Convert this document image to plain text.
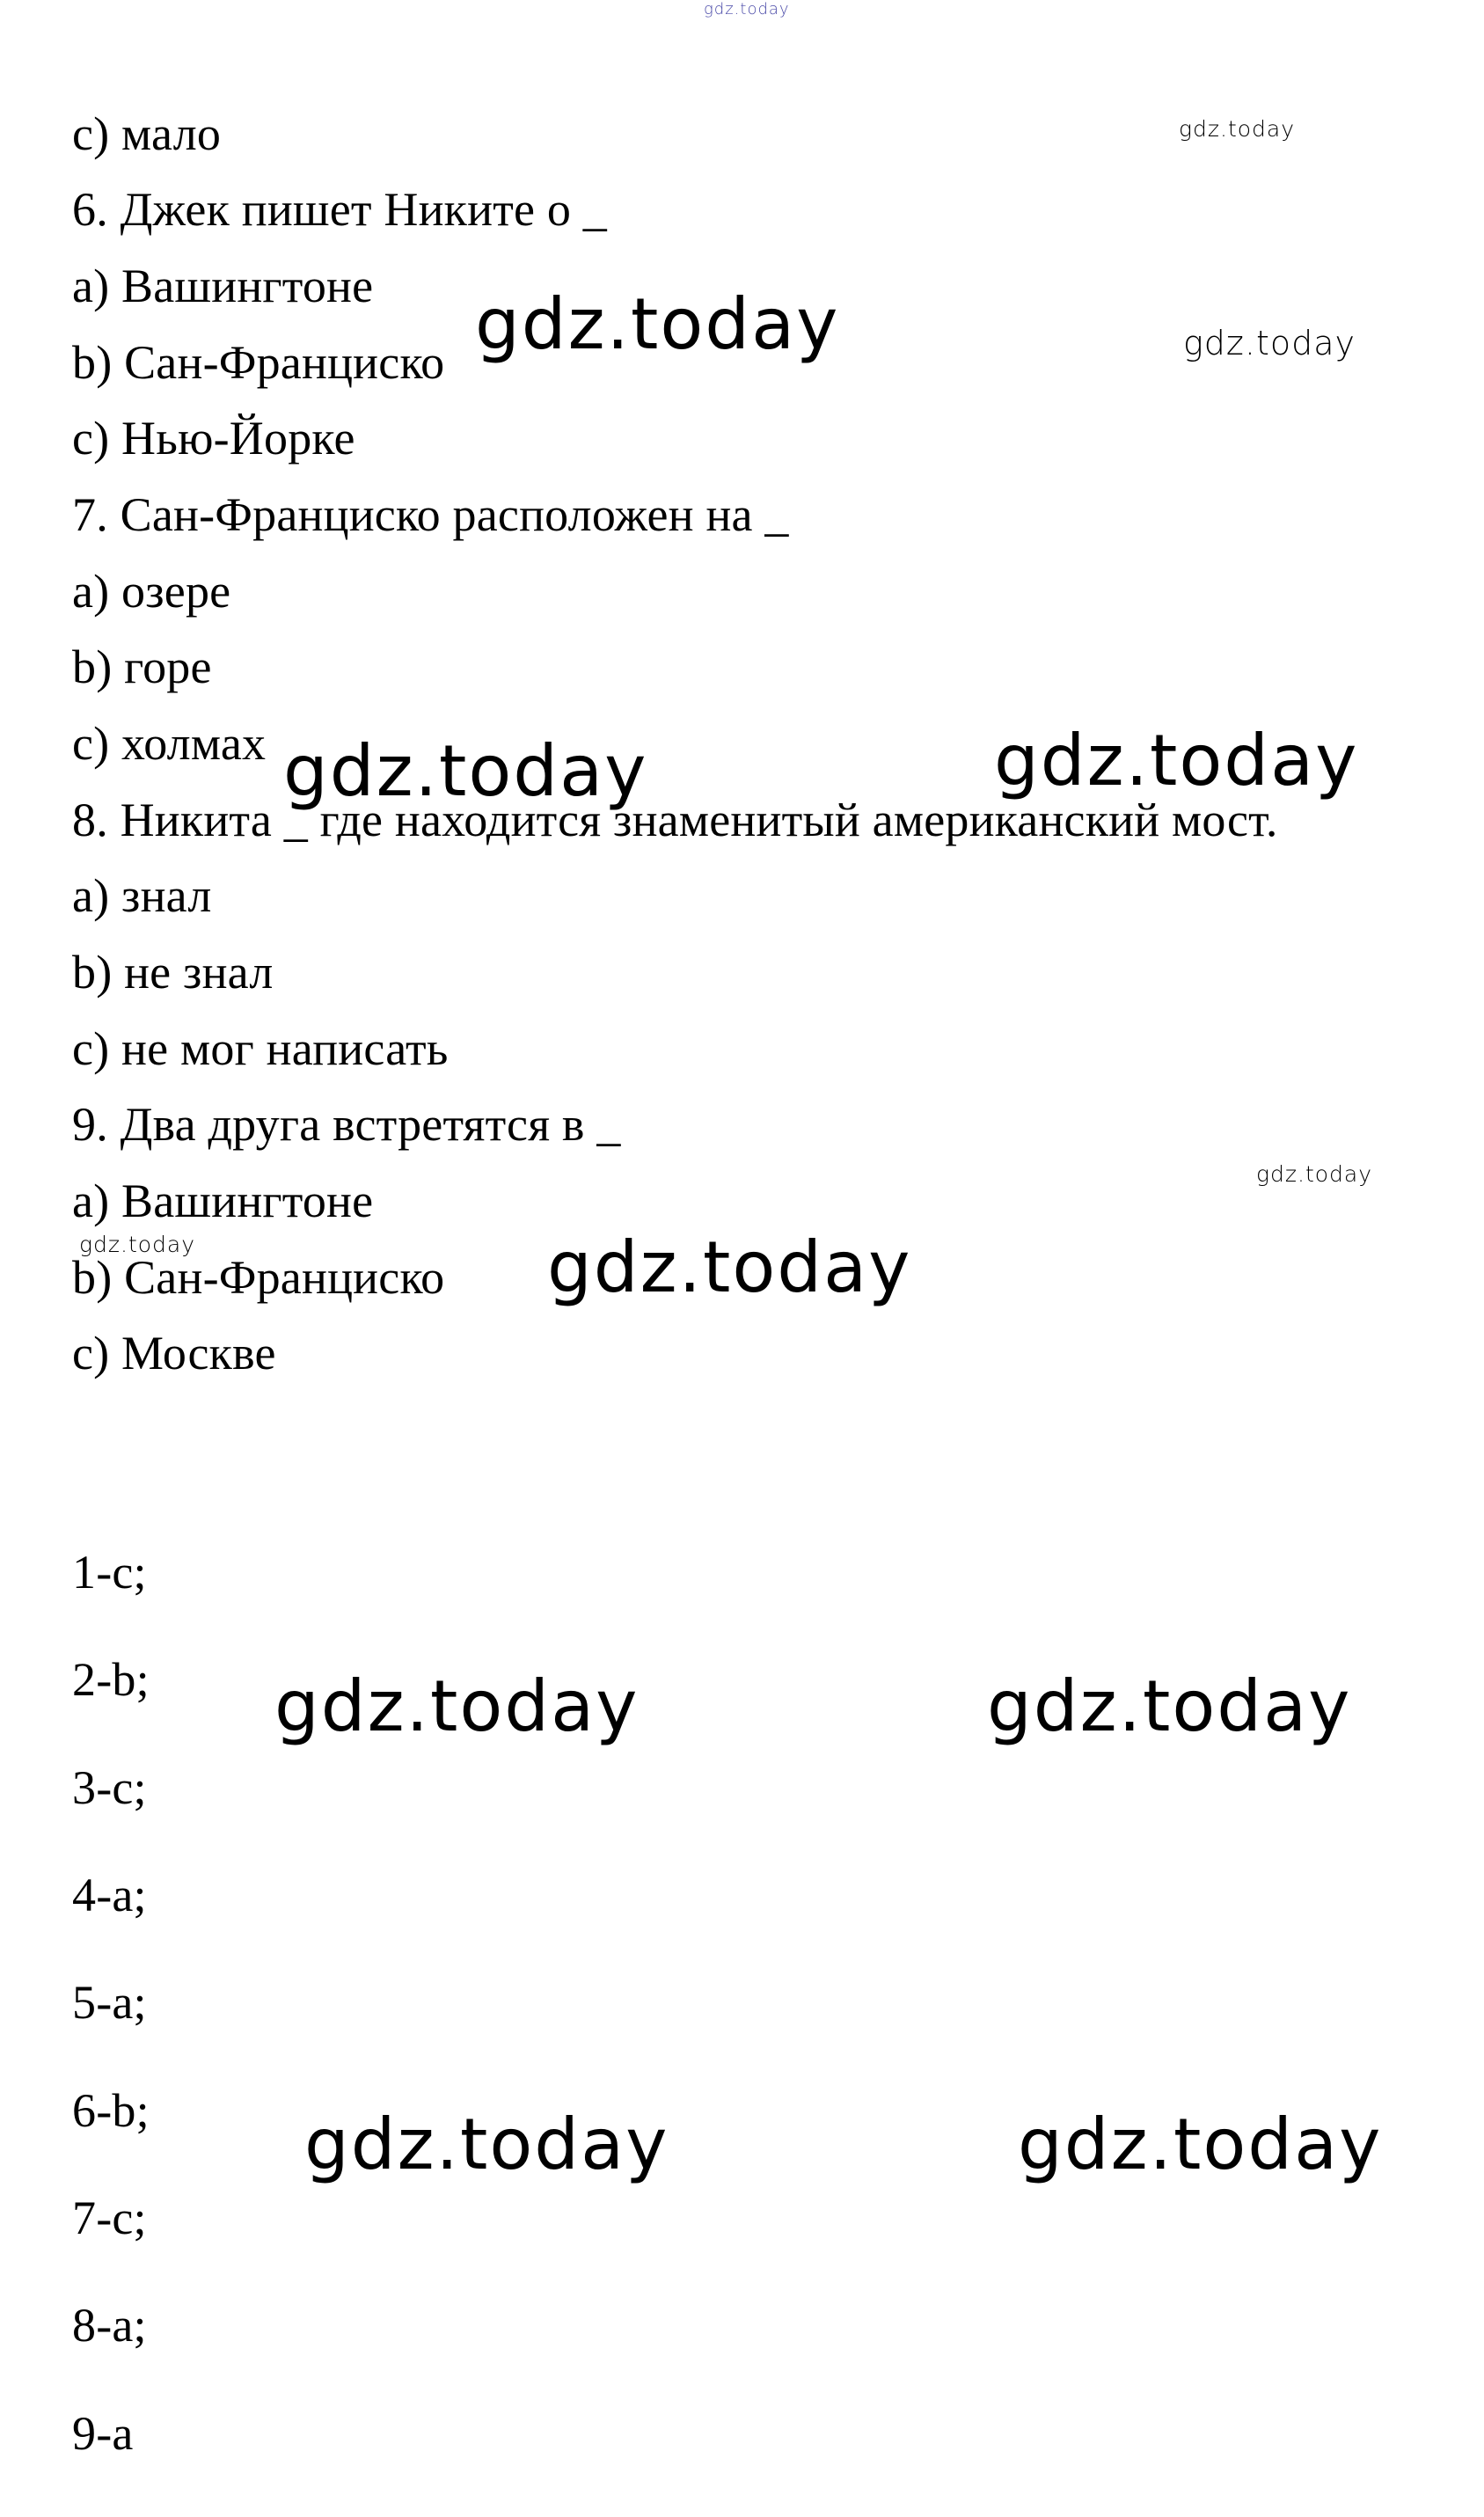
gdz.today
c) мало
6. Джек пишет Никите о _
a) Вашингтоне
b) Сан-Франциско
c) Нью-Йорке
7. Сан-Франциско расположен на _
a) озере
b) горе
c) холмах
8. Никита _ где находится знаменитый американский мост.
a) знал
b) не знал
c) не мог написать
9. Два друга встретятся в _
a) Вашингтоне
b) Сан-Франциско
c) Москве
1-c;
2-b;
3-c;
4-a;
5-a;
6-b;
7-c;
8-a;
9-a
gdz.today
gdz.today	gdz.today
gdz.today	gdz.today
gdz.today
gdz.today	gdz.today
gdz.today	gdz.today
gdz.today	gdz.today
